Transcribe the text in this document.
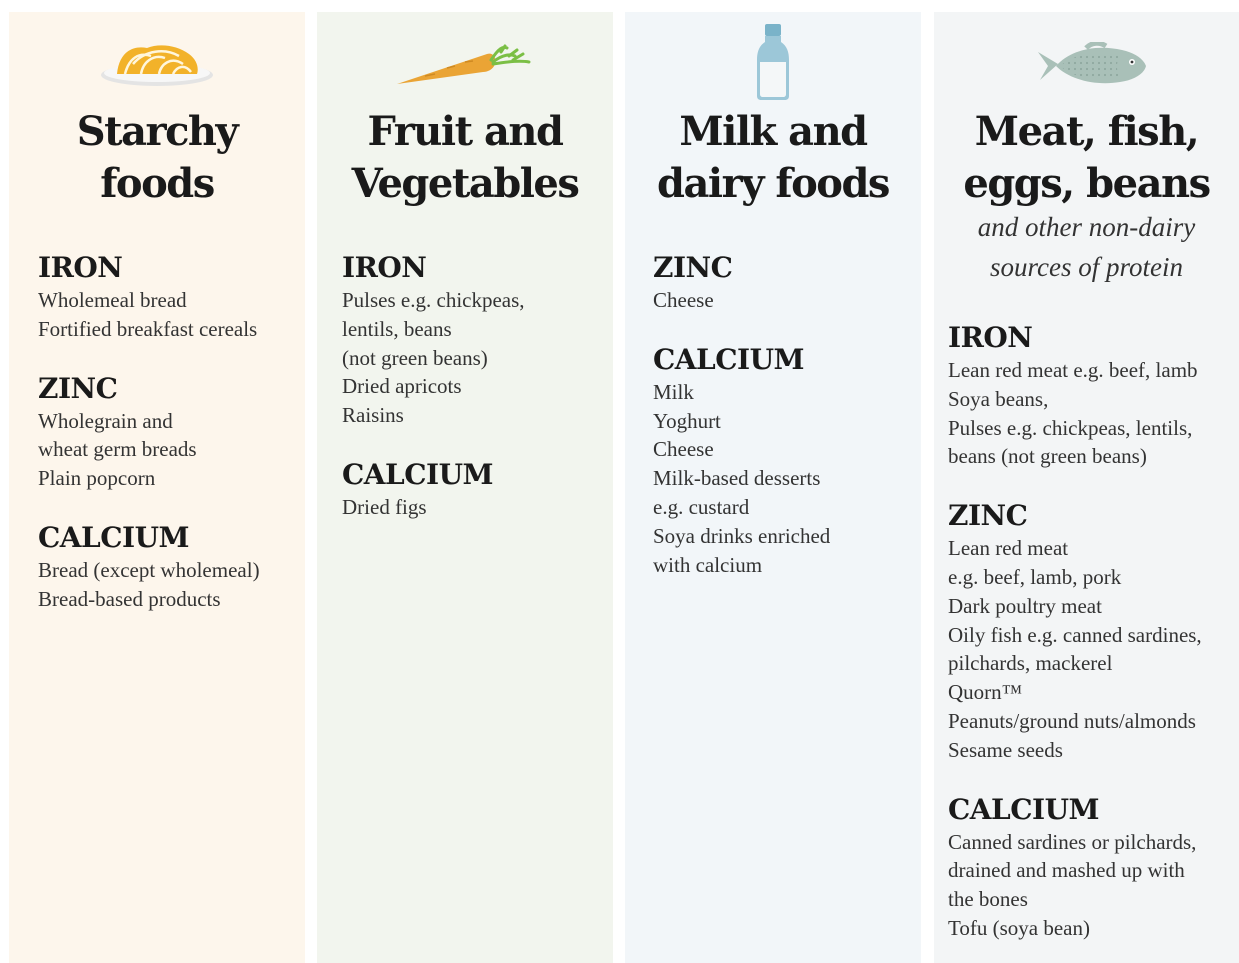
Starchy
foods
IRON
Wholemeal bread
Fortified breakfast cereals
ZINC
Wholegrain and
wheat germ breads
Plain popcorn
CALCIUM
Bread (except wholemeal)
Bread-based products
Fruit and
Vegetables
IRON
Pulses e.g. chickpeas,
lentils, beans
(not green beans)
Dried apricots
Raisins
CALCIUM
Dried figs
Milk and
dairy foods
ZINC
Cheese
CALCIUM
Milk
Yoghurt
Cheese
Milk-based desserts
e.g. custard
Soya drinks enriched
with calcium
Meat, fish,
eggs, beans

and other non-dairy
sources of protein

IRON
Lean red meat e.g. beef, lamb
Soya beans,
Pulses e.g. chickpeas, lentils,
beans (not green beans)
ZINC
Lean red meat
e.g. beef, lamb, pork
Dark poultry meat
Oily fish e.g. canned sardines,
pilchards, mackerel
Quorn™
Peanuts/ground nuts/almonds
Sesame seeds
CALCIUM
Canned sardines or pilchards,
drained and mashed up with
the bones
Tofu (soya bean)
